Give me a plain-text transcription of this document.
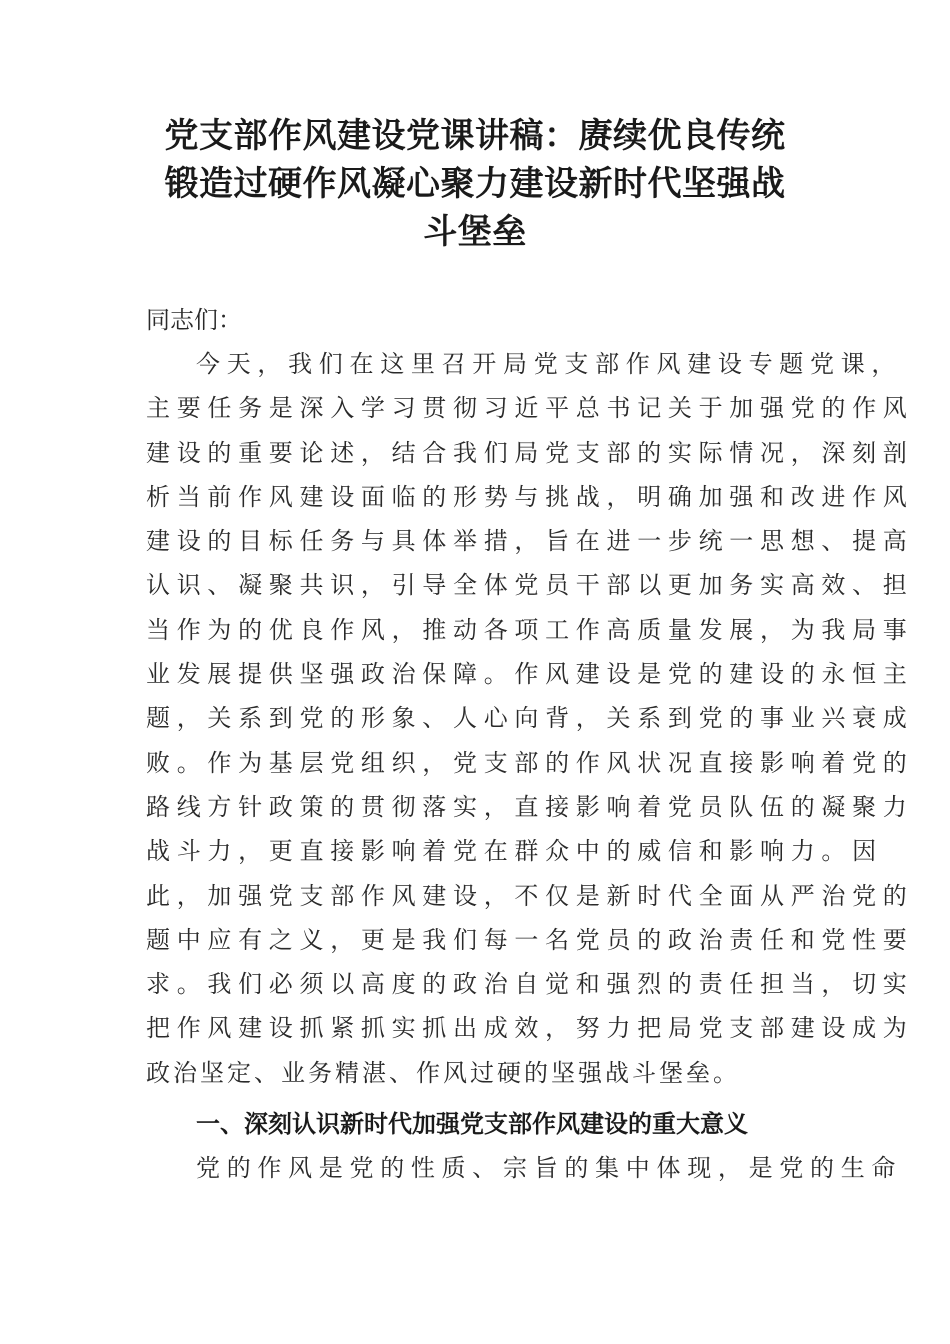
党支部作风建设党课讲稿：赓续优良传统
锻造过硬作风凝心聚力建设新时代坚强战
斗堡垒

同志们：

今天，我们在这里召开局党支部作风建设专题党课，
主要任务是深入学习贯彻习近平总书记关于加强党的作风
建设的重要论述，结合我们局党支部的实际情况，深刻剖
析当前作风建设面临的形势与挑战，明确加强和改进作风
建设的目标任务与具体举措，旨在进一步统一思想、提高
认识、凝聚共识，引导全体党员干部以更加务实高效、担
当作为的优良作风，推动各项工作高质量发展，为我局事
业发展提供坚强政治保障。作风建设是党的建设的永恒主
题，关系到党的形象、人心向背，关系到党的事业兴衰成
败。作为基层党组织，党支部的作风状况直接影响着党的
路线方针政策的贯彻落实，直接影响着党员队伍的凝聚力
战斗力，更直接影响着党在群众中的威信和影响力。因
此，加强党支部作风建设，不仅是新时代全面从严治党的
题中应有之义，更是我们每一名党员的政治责任和党性要
求。我们必须以高度的政治自觉和强烈的责任担当，切实
把作风建设抓紧抓实抓出成效，努力把局党支部建设成为
政治坚定、业务精湛、作风过硬的坚强战斗堡垒。
一、深刻认识新时代加强党支部作风建设的重大意义
党的作风是党的性质、宗旨的集中体现，是党的生命
